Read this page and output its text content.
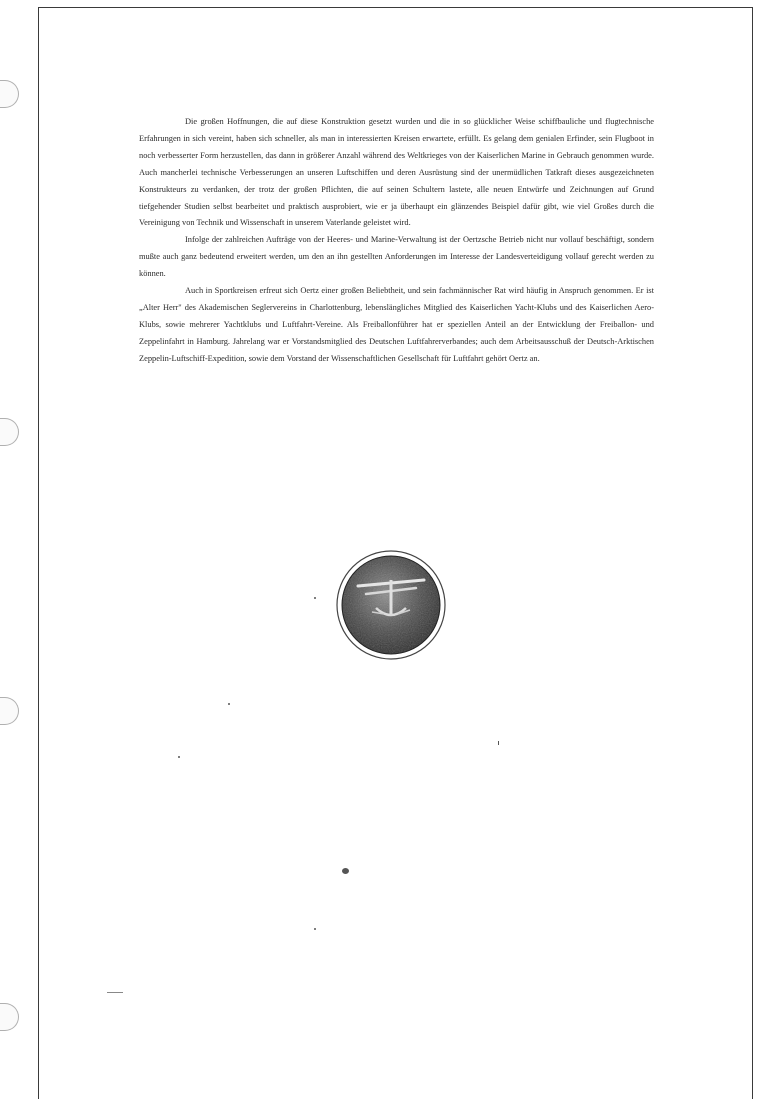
Die großen Hoffnungen, die auf diese Konstruktion gesetzt wurden und die in so glücklicher Weise schiffbauliche und flugtechnische Erfahrungen in sich vereint, haben sich schneller, als man in interessierten Kreisen erwartete, erfüllt. Es gelang dem genialen Erfinder, sein Flugboot in noch verbesserter Form herzustellen, das dann in größerer Anzahl während des Weltkrieges von der Kaiserlichen Marine in Gebrauch genommen wurde. Auch mancherlei technische Verbesserungen an unseren Luftschiffen und deren Ausrüstung sind der unermüdlichen Tatkraft dieses ausgezeichneten Konstrukteurs zu verdanken, der trotz der großen Pflichten, die auf seinen Schultern lastete, alle neuen Entwürfe und Zeichnungen auf Grund tiefgehender Studien selbst bearbeitet und praktisch ausprobiert, wie er ja überhaupt ein glänzendes Beispiel dafür gibt, wie viel Großes durch die Vereinigung von Technik und Wissenschaft in unserem Vaterlande geleistet wird.

Infolge der zahlreichen Aufträge von der Heeres- und Marine-Verwaltung ist der Oertzsche Betrieb nicht nur vollauf beschäftigt, sondern mußte auch ganz bedeutend erweitert werden, um den an ihn gestellten Anforderungen im Interesse der Landesverteidigung vollauf gerecht werden zu können.

Auch in Sportkreisen erfreut sich Oertz einer großen Beliebtheit, und sein fachmännischer Rat wird häufig in Anspruch genommen. Er ist „Alter Herr" des Akademischen Seglervereins in Charlottenburg, lebenslängliches Mitglied des Kaiserlichen Yacht-Klubs und des Kaiserlichen Aero-Klubs, sowie mehrerer Yachtklubs und Luftfahrt-Vereine. Als Freiballonführer hat er speziellen Anteil an der Entwicklung der Freiballon- und Zeppelinfahrt in Hamburg. Jahrelang war er Vorstandsmitglied des Deutschen Luftfahrerverbandes; auch dem Arbeitsausschuß der Deutsch-Arktischen Zeppelin-Luftschiff-Expedition, sowie dem Vorstand der Wissenschaftlichen Gesellschaft für Luftfahrt gehört Oertz an.
